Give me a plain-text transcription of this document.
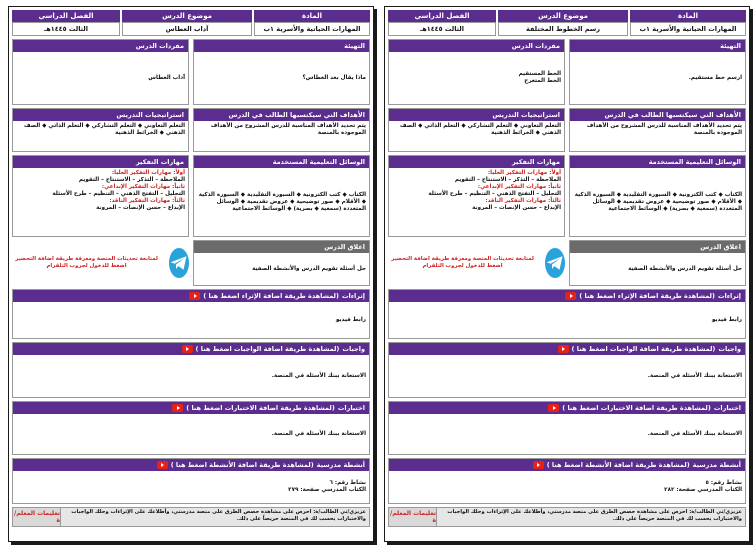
المادة
المهارات الحياتية والأسرية ١ب
موضوع الدرس
رسم الخطوط المختلفة
الفصل الدراسي
الثالث ١٤٤٥هـ
التهيئة
ارسم خط مستقيم.
مفردات الدرس
الخط المستقيم
الخط المتعرج
الأهداف التي سيكتسبها الطالب في الدرس
يتم تحديد الأهداف المناسبة للدرس المشروح من الأهداف الموجودة بالمنصة
استراتيجيات التدريس
التعلم التعاوني ◆ التعلم التشاركي ◆ التعلم الذاتي ◆ الصف الذهني ◆ الخرائط الذهنية
الوسائل التعليمية المستخدمة
الكتاب ◆ كتب الكترونية ◆ السبورة التقليدية ◆ السبورة الذكية ◆ الأقلام ◆ صور توضيحية ◆ عروض تقديمية ◆ الوسائل المتعددة (سمعية ◆ بصرية) ◆ الوسائط الاجتماعية
مهارات التفكير
أولاً: مهارات التفكير العليا:
الملاحظة – التذكر – الاستنتاج – التقويم
ثانياً: مهارات التفكير الإبداعي:
التحليل – التفتح الذهني – التنظيم – طرح الأسئلة
ثالثاً: مهارات التفكير الناقد:
الإبداع – حسن الإنصات – المرونة
اغلاق الدرس
حل أسئلة تقويم الدرس والأنشطة الصفية
لمتابعة تحديثات المنصة ومعرفة طريقة اضافة التحضير اضغط للدخول لجروب التلقرام
إثراءات
(لمشاهدة طريقة اضافة الإثراء اضغط هنا )
رابط فيديو
واجبات
(لمشاهدة طريقة اضافة الواجبات اضغط هنا )
الاستعانة ببنك الأسئلة في المنصة.
اختبارات
(لمشاهدة طريقة اضافة الاختبارات اضغط هنا )
الاستعانة ببنك الأسئلة في المنصة.
أنشطة مدرسية
(لمشاهدة طريقة اضافة الأنشطة اضغط هنا )
نشاط رقم: ٥
الكتاب المدرسي صفحة: ٢٨٢
عزيزي/تي الطالب/ة: احرص على مشاهدة حصص الطرق على منصة مدرستي، وأطلاعك على الإثراءات وحلك الواجبات والاختبارات يحسب لك في المنصة حريصاً على ذلك.
تعليمات المعلم/ة
المادة
المهارات الحياتية والأسرية ١ب
موضوع الدرس
آداب العطاس
الفصل الدراسي
الثالث ١٤٤٥هـ
التهيئة
ماذا يقال بعد العطاس؟
مفردات الدرس
آداب العطاس
الأهداف التي سيكتسبها الطالب في الدرس
يتم تحديد الأهداف المناسبة للدرس المشروح من الأهداف الموجودة بالمنصة
استراتيجيات التدريس
التعلم التعاوني ◆ التعلم التشاركي ◆ التعلم الذاتي ◆ الصف الذهني ◆ الخرائط الذهنية
الوسائل التعليمية المستخدمة
الكتاب ◆ كتب الكترونية ◆ السبورة التقليدية ◆ السبورة الذكية ◆ الأقلام ◆ صور توضيحية ◆ عروض تقديمية ◆ الوسائل المتعددة (سمعية ◆ بصرية) ◆ الوسائط الاجتماعية
مهارات التفكير
أولاً: مهارات التفكير العليا:
الملاحظة – التذكر – الاستنتاج – التقويم
ثانياً: مهارات التفكير الإبداعي:
التحليل – التفتح الذهني – التنظيم – طرح الأسئلة
ثالثاً: مهارات التفكير الناقد:
الإبداع – حسن الإنصات – المرونة
اغلاق الدرس
حل أسئلة تقويم الدرس والأنشطة الصفية
لمتابعة تحديثات المنصة ومعرفة طريقة اضافة التحضير اضغط للدخول لجروب التلقرام
إثراءات
(لمشاهدة طريقة اضافة الإثراء اضغط هنا )
رابط فيديو
واجبات
(لمشاهدة طريقة اضافة الواجبات اضغط هنا )
الاستعانة ببنك الأسئلة في المنصة.
اختبارات
(لمشاهدة طريقة اضافة الاختبارات اضغط هنا )
الاستعانة ببنك الأسئلة في المنصة.
أنشطة مدرسية
(لمشاهدة طريقة اضافة الأنشطة اضغط هنا )
نشاط رقم: ٦
الكتاب المدرسي صفحة: ٢٧٩
عزيزي/تي الطالب/ة: احرص على مشاهدة حصص الطرق على منصة مدرستي، وأطلاعك على الإثراءات وحلك الواجبات والاختبارات يحسب لك في المنصة حريصاً على ذلك.
تعليمات المعلم/ة
